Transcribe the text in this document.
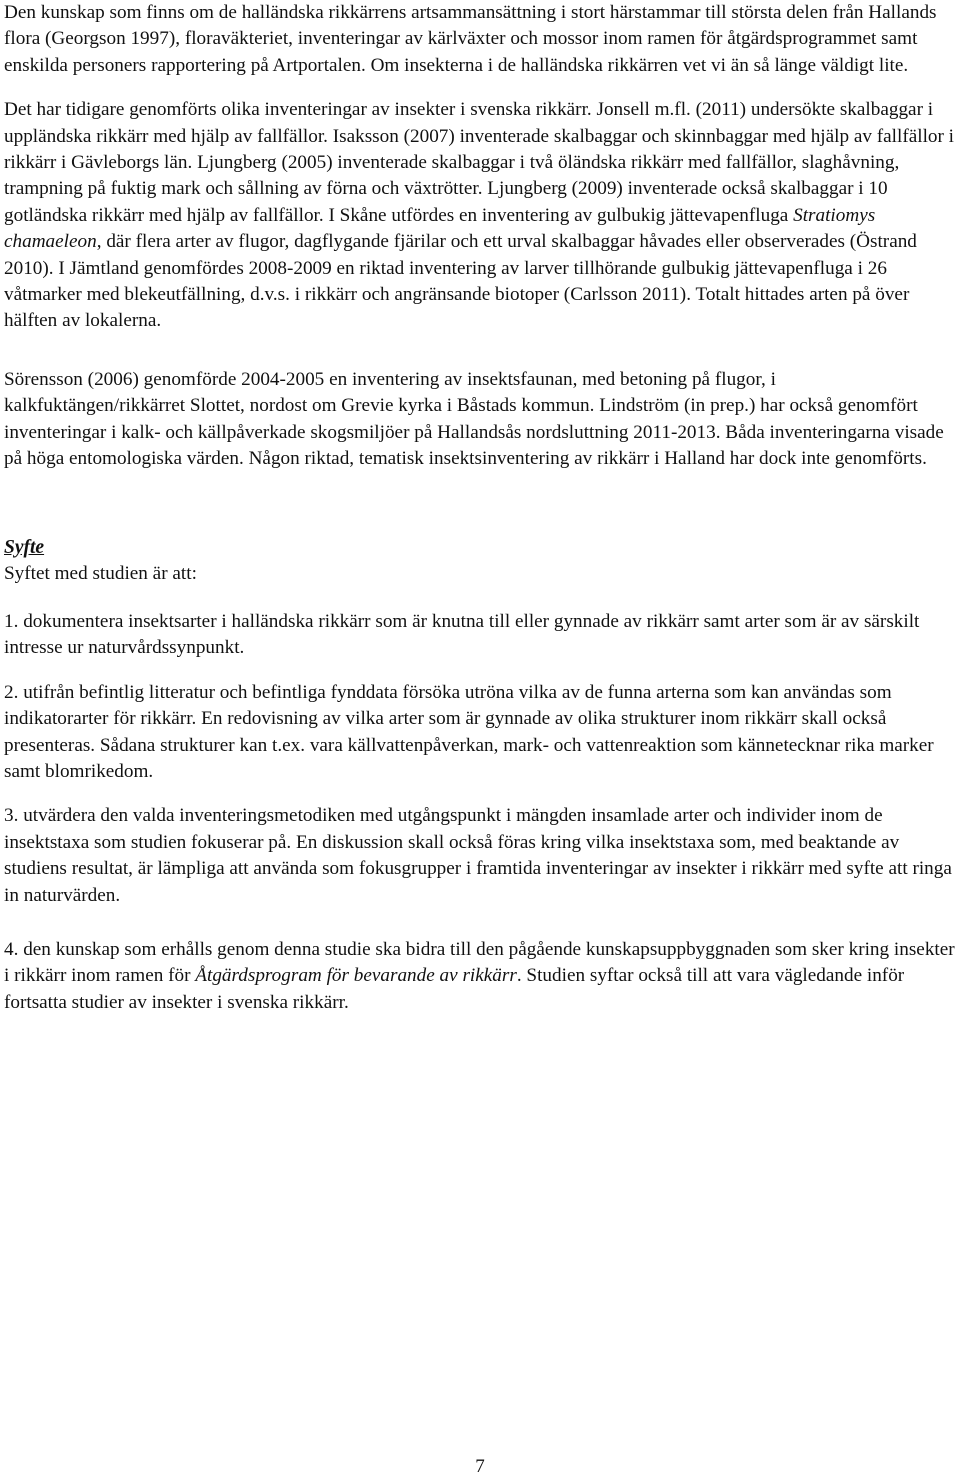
Den kunskap som finns om de halländska rikkärrens artsammansättning i stort härstammar till största delen från Hallands flora (Georgson 1997), floraväkteriet, inventeringar av kärlväxter och mossor inom ramen för åtgärdsprogrammet samt enskilda personers rapportering på Artportalen. Om insekterna i de halländska rikkärren vet vi än så länge väldigt lite.

Det har tidigare genomförts olika inventeringar av insekter i svenska rikkärr. Jonsell m.fl. (2011) undersökte skalbaggar i uppländska rikkärr med hjälp av fallfällor. Isaksson (2007) inventerade skalbaggar och skinnbaggar med hjälp av fallfällor i rikkärr i Gävleborgs län. Ljungberg (2005) inventerade skalbaggar i två öländska rikkärr med fallfällor, slaghåvning, trampning på fuktig mark och sållning av förna och växtrötter. Ljungberg (2009) inventerade också skalbaggar i 10 gotländska rikkärr med hjälp av fallfällor. I Skåne utfördes en inventering av gulbukig jättevapenfluga Stratiomys chamaeleon, där flera arter av flugor, dagflygande fjärilar och ett urval skalbaggar håvades eller observerades (Östrand 2010). I Jämtland genomfördes 2008-2009 en riktad inventering av larver tillhörande gulbukig jättevapenfluga i 26 våtmarker med blekeutfällning, d.v.s. i rikkärr och angränsande biotoper (Carlsson 2011). Totalt hittades arten på över hälften av lokalerna.

Sörensson (2006) genomförde 2004-2005 en inventering av insektsfaunan, med betoning på flugor, i kalkfuktängen/rikkärret Slottet, nordost om Grevie kyrka i Båstads kommun. Lindström (in prep.) har också genomfört inventeringar i kalk- och källpåverkade skogsmiljöer på Hallandsås nordsluttning 2011-2013. Båda inventeringarna visade på höga entomologiska värden. Någon riktad, tematisk insektsinventering av rikkärr i Halland har dock inte genomförts.

Syfte

Syftet med studien är att:

1. dokumentera insektsarter i halländska rikkärr som är knutna till eller gynnade av rikkärr samt arter som är av särskilt intresse ur naturvårdssynpunkt.

2. utifrån befintlig litteratur och befintliga fynddata försöka utröna vilka av de funna arterna som kan användas som indikatorarter för rikkärr. En redovisning av vilka arter som är gynnade av olika strukturer inom rikkärr skall också presenteras. Sådana strukturer kan t.ex. vara källvattenpåverkan, mark- och vattenreaktion som kännetecknar rika marker samt blomrikedom.

3. utvärdera den valda inventeringsmetodiken med utgångspunkt i mängden insamlade arter och individer inom de insektstaxa som studien fokuserar på. En diskussion skall också föras kring vilka insektstaxa som, med beaktande av studiens resultat, är lämpliga att använda som fokusgrupper i framtida inventeringar av insekter i rikkärr med syfte att ringa in naturvärden.

4. den kunskap som erhålls genom denna studie ska bidra till den pågående kunskapsuppbyggnaden som sker kring insekter i rikkärr inom ramen för Åtgärdsprogram för bevarande av rikkärr. Studien syftar också till att vara vägledande inför fortsatta studier av insekter i svenska rikkärr.

7
